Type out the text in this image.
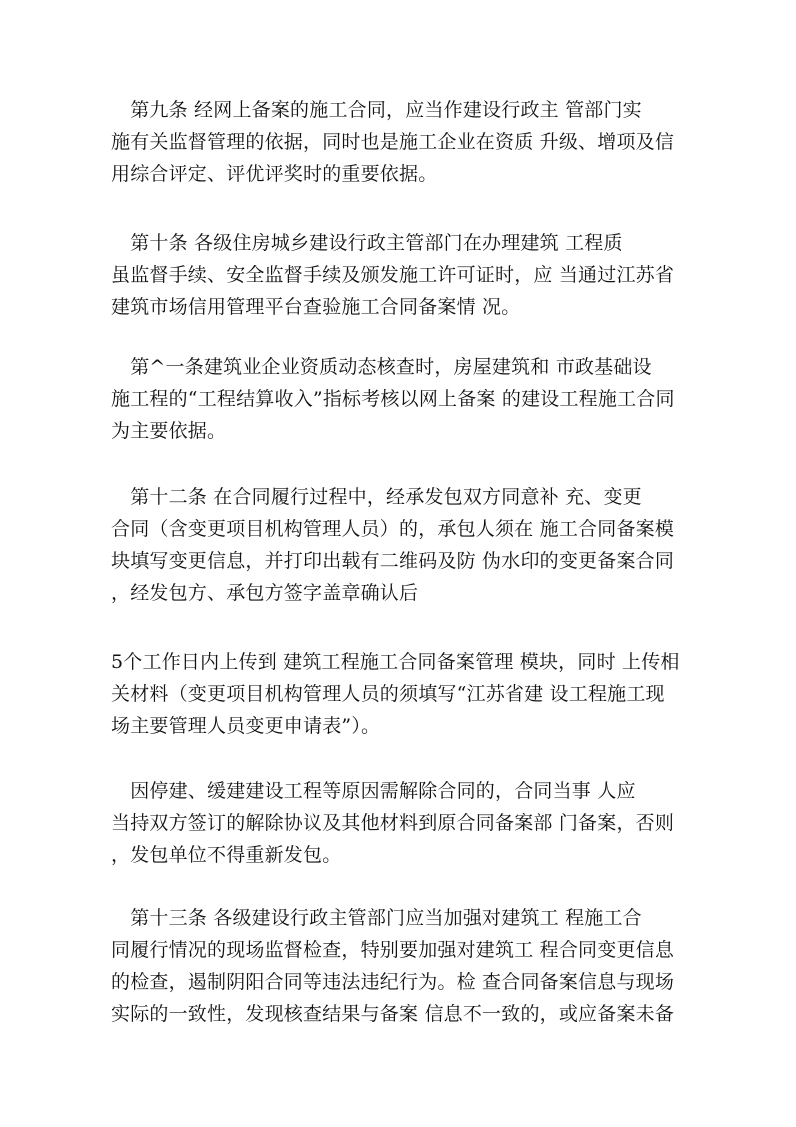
　第九条 经网上备案的施工合同，应当作建设行政主 管部门实
施有关监督管理的依据，同时也是施工企业在资质 升级、增项及信
用综合评定、评优评奖时的重要依据。
　第十条 各级住房城乡建设行政主管部门在办理建筑 工程质
虽监督手续、安全监督手续及颁发施工许可证时，应 当通过江苏省
建筑市场信用管理平台查验施工合同备案情 况。
　第^一条建筑业企业资质动态核查时，房屋建筑和 市政基础设
施工程的“工程结算收入”指标考核以网上备案 的建设工程施工合同
为主要依据。
　第十二条 在合同履行过程中，经承发包双方同意补 充、变更
合同（含变更项目机构管理人员）的，承包人须在 施工合同备案模
块填写变更信息，并打印出载有二维码及防 伪水印的变更备案合同
，经发包方、承包方签字盖章确认后
5个工作日内上传到 建筑工程施工合同备案管理 模块，同时 上传相
关材料（变更项目机构管理人员的须填写“江苏省建 设工程施工现
场主要管理人员变更申请表”）。
　因停建、缓建建设工程等原因需解除合同的，合同当事 人应
当持双方签订的解除协议及其他材料到原合同备案部 门备案，否则
，发包单位不得重新发包。
　第十三条 各级建设行政主管部门应当加强对建筑工 程施工合
同履行情况的现场监督检查，特别要加强对建筑工 程合同变更信息
的检查，遏制阴阳合同等违法违纪行为。检 查合同备案信息与现场
实际的一致性，发现核查结果与备案 信息不一致的，或应备案未备
